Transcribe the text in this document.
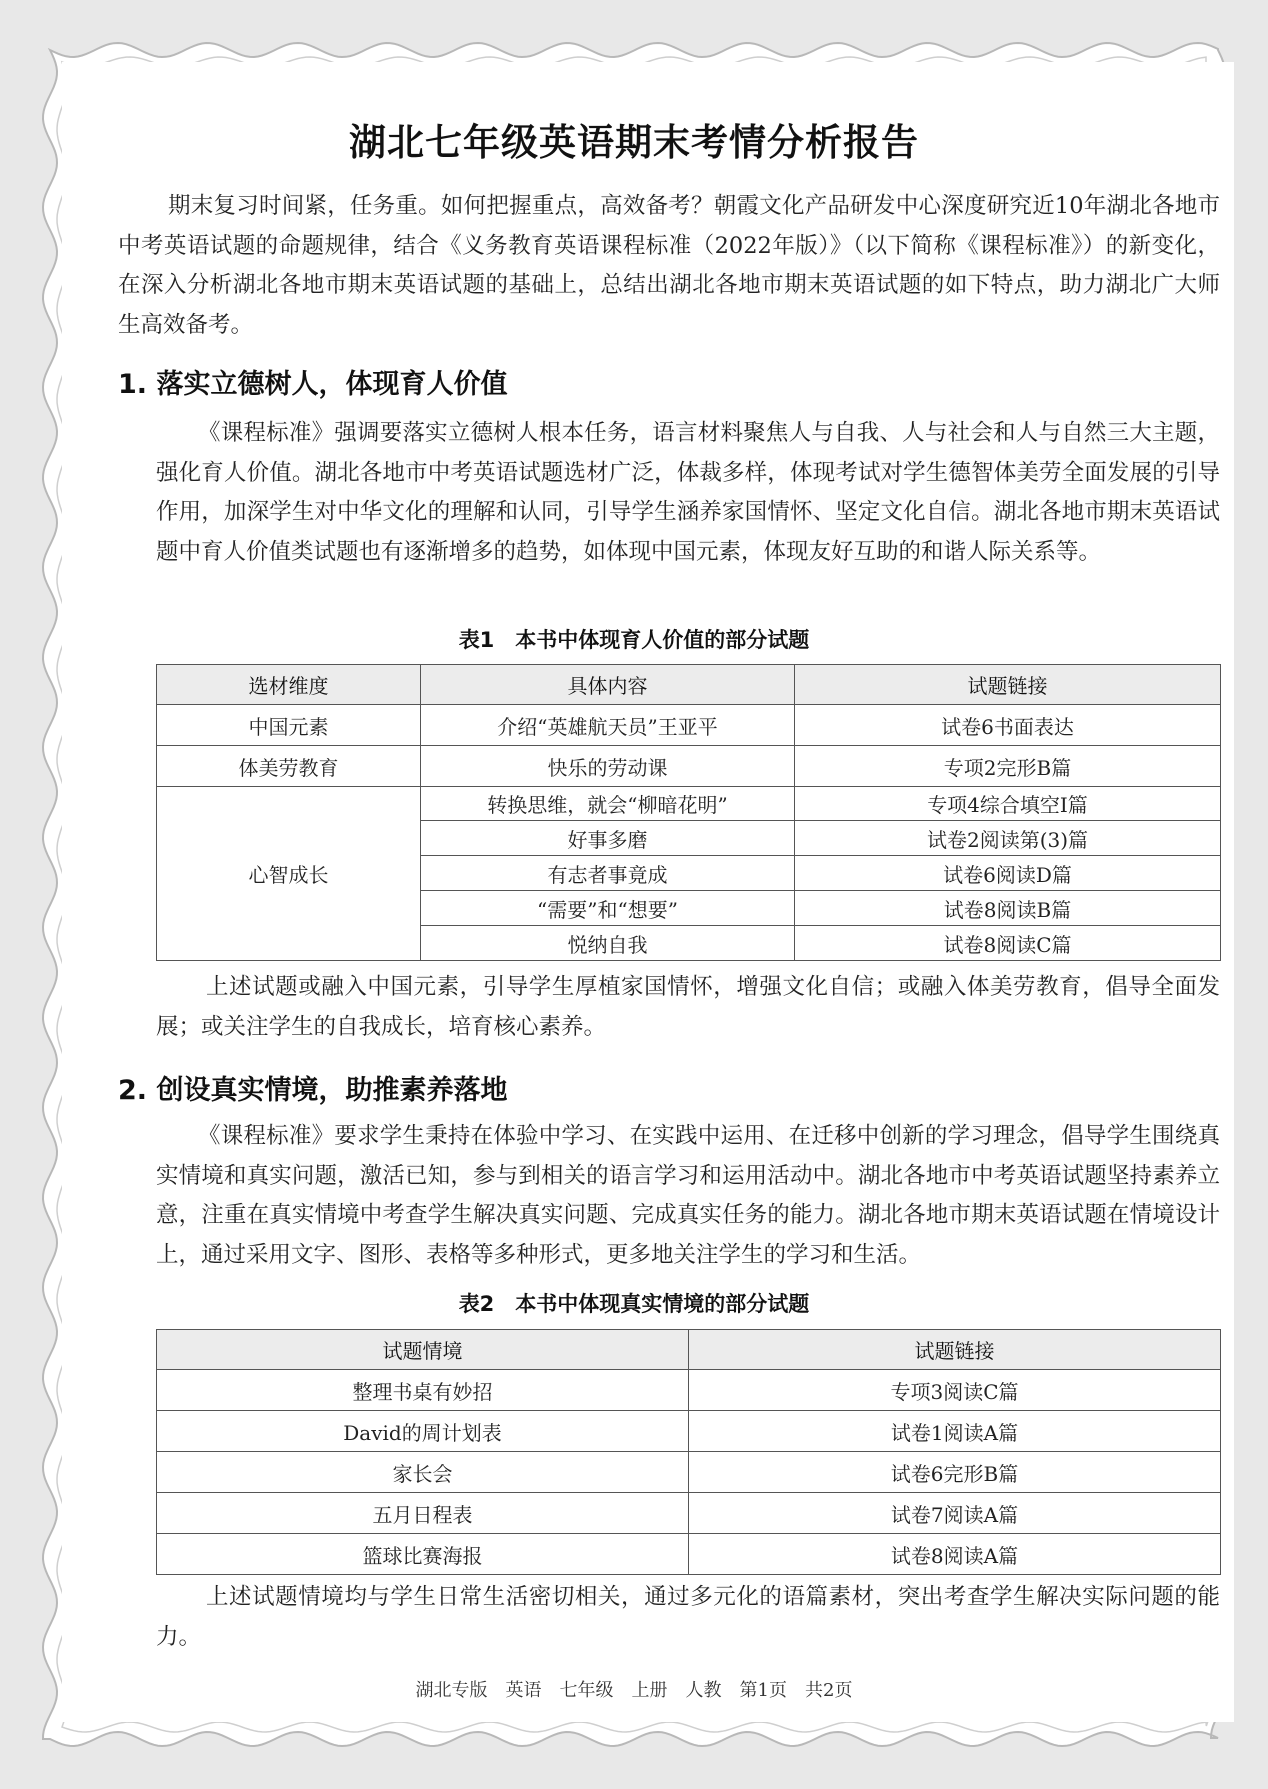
湖北七年级英语期末考情分析报告

期末复习时间紧，任务重。如何把握重点，高效备考？朝霞文化产品研发中心深度研究近10年湖北各地市中考英语试题的命题规律，结合《义务教育英语课程标准（2022年版）》（以下简称《课程标准》）的新变化，在深入分析湖北各地市期末英语试题的基础上，总结出湖北各地市期末英语试题的如下特点，助力湖北广大师生高效备考。

1. 落实立德树人，体现育人价值

《课程标准》强调要落实立德树人根本任务，语言材料聚焦人与自我、人与社会和人与自然三大主题，强化育人价值。湖北各地市中考英语试题选材广泛，体裁多样，体现考试对学生德智体美劳全面发展的引导作用，加深学生对中华文化的理解和认同，引导学生涵养家国情怀、坚定文化自信。湖北各地市期末英语试题中育人价值类试题也有逐渐增多的趋势，如体现中国元素，体现友好互助的和谐人际关系等。

表1　本书中体现育人价值的部分试题
选材维度	具体内容	试题链接
中国元素	介绍“英雄航天员”王亚平	试卷6书面表达
体美劳教育	快乐的劳动课	专项2完形B篇
心智成长	转换思维，就会“柳暗花明”	专项4综合填空Ⅰ篇
	好事多磨	试卷2阅读第(3)篇
	有志者事竟成	试卷6阅读D篇
	“需要”和“想要”	试卷8阅读B篇
	悦纳自我	试卷8阅读C篇

上述试题或融入中国元素，引导学生厚植家国情怀，增强文化自信；或融入体美劳教育，倡导全面发展；或关注学生的自我成长，培育核心素养。

2. 创设真实情境，助推素养落地

《课程标准》要求学生秉持在体验中学习、在实践中运用、在迁移中创新的学习理念，倡导学生围绕真实情境和真实问题，激活已知，参与到相关的语言学习和运用活动中。湖北各地市中考英语试题坚持素养立意，注重在真实情境中考查学生解决真实问题、完成真实任务的能力。湖北各地市期末英语试题在情境设计上，通过采用文字、图形、表格等多种形式，更多地关注学生的学习和生活。

表2　本书中体现真实情境的部分试题
试题情境	试题链接
整理书桌有妙招	专项3阅读C篇
David的周计划表	试卷1阅读A篇
家长会	试卷6完形B篇
五月日程表	试卷7阅读A篇
篮球比赛海报	试卷8阅读A篇

上述试题情境均与学生日常生活密切相关，通过多元化的语篇素材，突出考查学生解决实际问题的能力。

湖北专版　英语　七年级　上册　人教　第1页　共2页
